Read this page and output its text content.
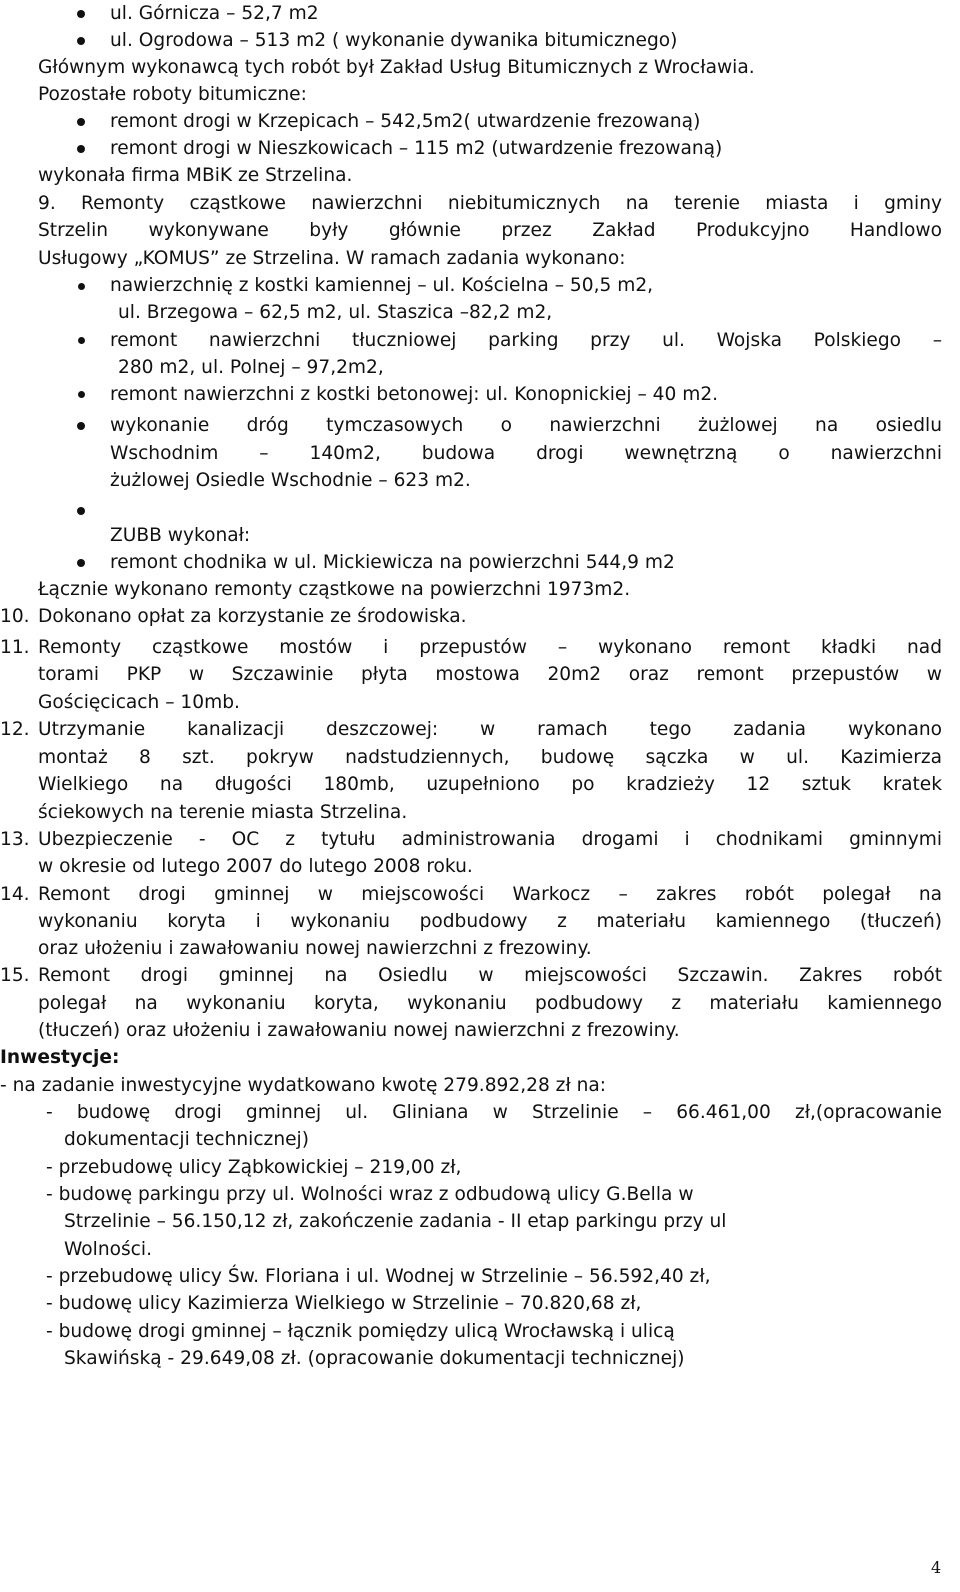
ul. Górnicza – 52,7 m2
ul. Ogrodowa – 513 m2 ( wykonanie dywanika bitumicznego)
Głównym wykonawcą tych robót był Zakład Usług Bitumicznych z Wrocławia.
Pozostałe roboty bitumiczne:
remont drogi w Krzepicach – 542,5m2( utwardzenie frezowaną)
remont drogi w Nieszkowicach – 115 m2 (utwardzenie frezowaną)
wykonała firma MBiK ze Strzelina.
9. Remonty cząstkowe nawierzchni niebitumicznych na terenie miasta i gminy
Strzelin wykonywane były głównie przez Zakład Produkcyjno Handlowo
Usługowy „KOMUS” ze Strzelina. W ramach zadania wykonano:
nawierzchnię z kostki kamiennej – ul. Kościelna – 50,5 m2,
ul. Brzegowa – 62,5 m2, ul. Staszica –82,2 m2,
remont nawierzchni tłuczniowej parking przy ul. Wojska Polskiego –
280 m2, ul. Polnej – 97,2m2,
remont nawierzchni z kostki betonowej: ul. Konopnickiej – 40 m2.
wykonanie dróg tymczasowych o nawierzchni żużlowej na osiedlu
Wschodnim – 140m2, budowa drogi wewnętrzną o nawierzchni
żużlowej Osiedle Wschodnie – 623 m2.
ZUBB wykonał:
remont chodnika w ul. Mickiewicza na powierzchni 544,9 m2
Łącznie wykonano remonty cząstkowe na powierzchni 1973m2.
10. Dokonano opłat za korzystanie ze środowiska.
11. Remonty cząstkowe mostów i przepustów – wykonano remont kładki nad
torami PKP w Szczawinie płyta mostowa 20m2 oraz remont przepustów w
Gościęcicach – 10mb.
12. Utrzymanie kanalizacji deszczowej: w ramach tego zadania wykonano
montaż 8 szt. pokryw nadstudziennych, budowę sączka w ul. Kazimierza
Wielkiego na długości 180mb, uzupełniono po kradzieży 12 sztuk kratek
ściekowych na terenie miasta Strzelina.
13. Ubezpieczenie - OC z tytułu administrowania drogami i chodnikami gminnymi
w okresie od lutego 2007 do lutego 2008 roku.
14. Remont drogi gminnej w miejscowości Warkocz – zakres robót polegał na
wykonaniu koryta i wykonaniu podbudowy z materiału kamiennego (tłuczeń)
oraz ułożeniu i zawałowaniu nowej nawierzchni z frezowiny.
15. Remont drogi gminnej na Osiedlu w miejscowości Szczawin. Zakres robót
polegał na wykonaniu koryta, wykonaniu podbudowy z materiału kamiennego
(tłuczeń) oraz ułożeniu i zawałowaniu nowej nawierzchni z frezowiny.
Inwestycje:
- na zadanie inwestycyjne wydatkowano kwotę 279.892,28 zł na:
- budowę drogi gminnej ul. Gliniana w Strzelinie – 66.461,00 zł,(opracowanie
dokumentacji technicznej)
- przebudowę ulicy Ząbkowickiej – 219,00 zł,
- budowę parkingu przy ul. Wolności wraz z odbudową ulicy G.Bella w
Strzelinie – 56.150,12 zł, zakończenie zadania - II etap parkingu przy ul
Wolności.
- przebudowę ulicy Św. Floriana i ul. Wodnej w Strzelinie – 56.592,40 zł,
- budowę ulicy Kazimierza Wielkiego w Strzelinie – 70.820,68 zł,
- budowę drogi gminnej – łącznik pomiędzy ulicą Wrocławską i ulicą
Skawińską - 29.649,08 zł. (opracowanie dokumentacji technicznej)
4
